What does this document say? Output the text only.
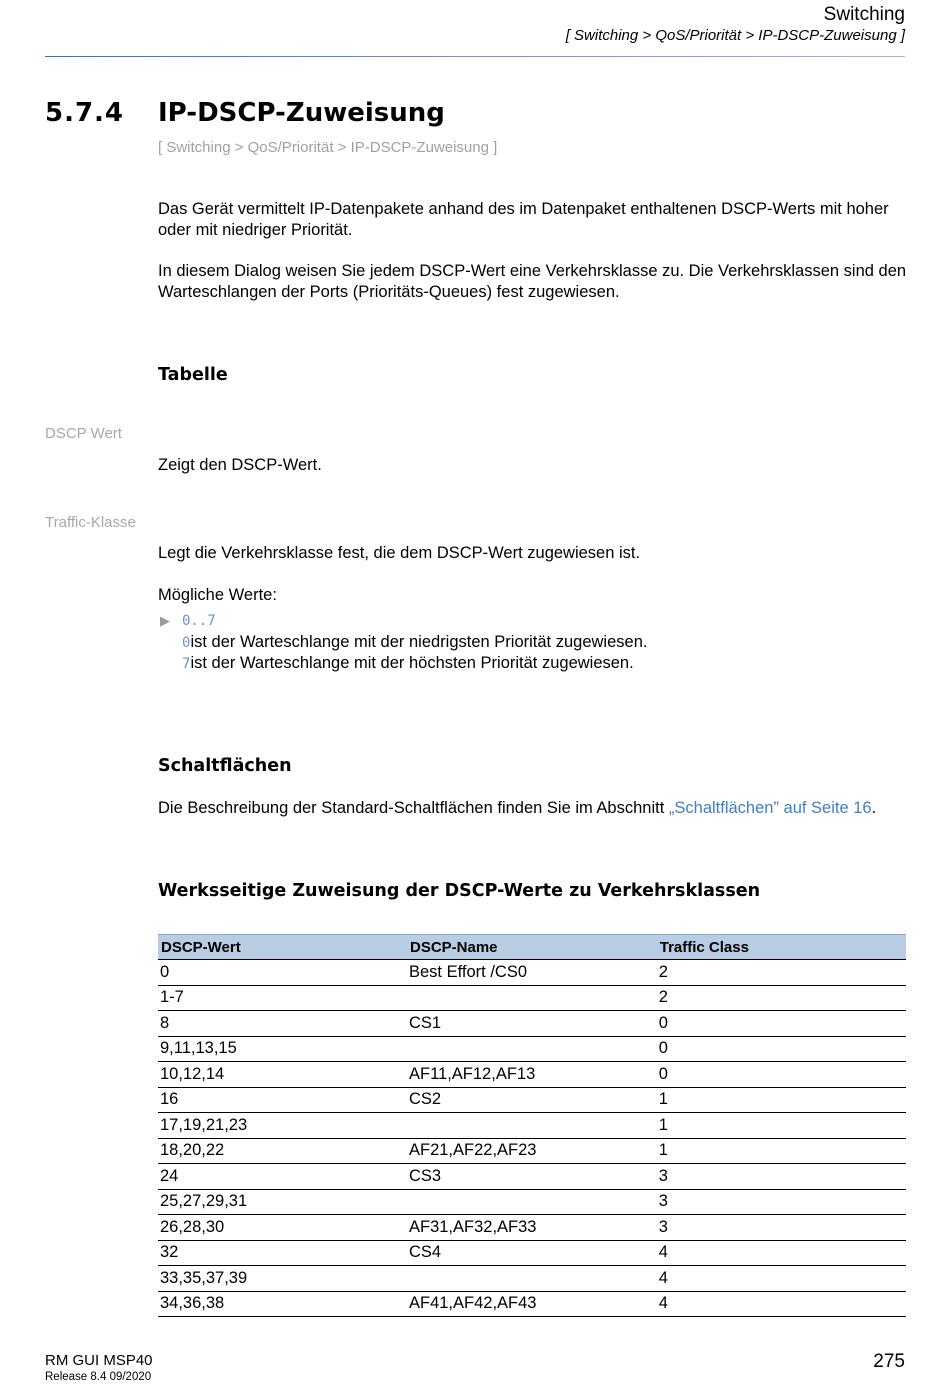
Switching
[ Switching > QoS/Priorität > IP-DSCP-Zuweisung ]
5.7.4 IP-DSCP-Zuweisung
[ Switching > QoS/Priorität > IP-DSCP-Zuweisung ]
Das Gerät vermittelt IP-Datenpakete anhand des im Datenpaket enthaltenen DSCP-Werts mit hoher oder mit niedriger Priorität.
In diesem Dialog weisen Sie jedem DSCP-Wert eine Verkehrsklasse zu. Die Verkehrsklassen sind den Warteschlangen der Ports (Prioritäts-Queues) fest zugewiesen.
Tabelle
DSCP Wert
Zeigt den DSCP-Wert.
Traffic-Klasse
Legt die Verkehrsklasse fest, die dem DSCP-Wert zugewiesen ist.
Mögliche Werte:
▶ 0..7
0ist der Warteschlange mit der niedrigsten Priorität zugewiesen.
7ist der Warteschlange mit der höchsten Priorität zugewiesen.
Schaltflächen
Die Beschreibung der Standard-Schaltflächen finden Sie im Abschnitt „Schaltflächen” auf Seite 16.
Werksseitige Zuweisung der DSCP-Werte zu Verkehrsklassen
DSCP-Wert	DSCP-Name	Traffic Class
0	Best Effort /CS0	2
1-7		2
8	CS1	0
9,11,13,15		0
10,12,14	AF11,AF12,AF13	0
16	CS2	1
17,19,21,23		1
18,20,22	AF21,AF22,AF23	1
24	CS3	3
25,27,29,31		3
26,28,30	AF31,AF32,AF33	3
32	CS4	4
33,35,37,39		4
34,36,38	AF41,AF42,AF43	4
RM GUI MSP40
Release 8.4 09/2020
275
